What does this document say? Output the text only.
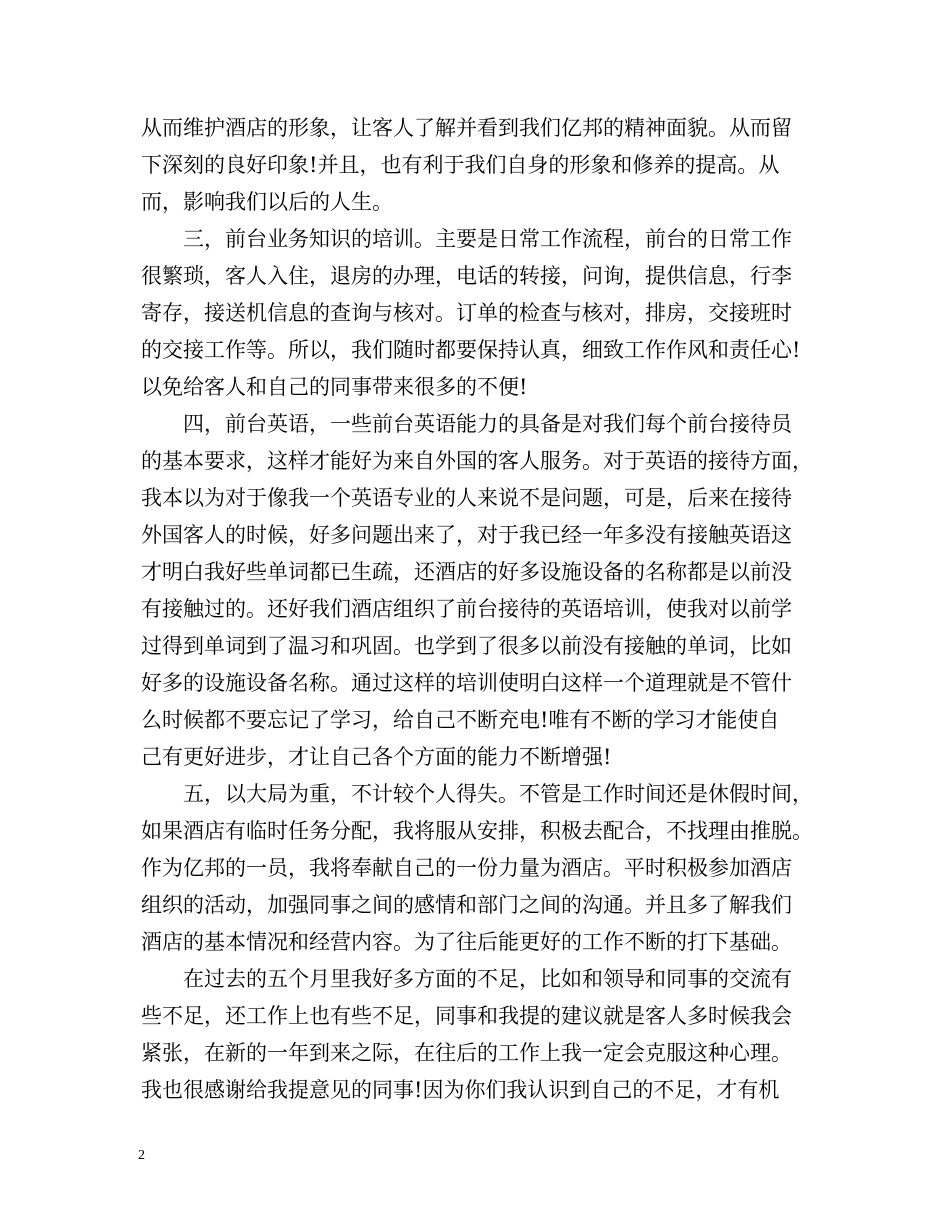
从而维护酒店的形象，让客人了解并看到我们亿邦的精神面貌。从而留
下深刻的良好印象!并且，也有利于我们自身的形象和修养的提高。从
而，影响我们以后的人生。
三，前台业务知识的培训。主要是日常工作流程，前台的日常工作
很繁琐，客人入住，退房的办理，电话的转接，问询，提供信息，行李
寄存，接送机信息的查询与核对。订单的检查与核对，排房，交接班时
的交接工作等。所以，我们随时都要保持认真，细致工作作风和责任心!
以免给客人和自己的同事带来很多的不便!
四，前台英语，一些前台英语能力的具备是对我们每个前台接待员
的基本要求，这样才能好为来自外国的客人服务。对于英语的接待方面，
我本以为对于像我一个英语专业的人来说不是问题，可是，后来在接待
外国客人的时候，好多问题出来了，对于我已经一年多没有接触英语这
才明白我好些单词都已生疏，还酒店的好多设施设备的名称都是以前没
有接触过的。还好我们酒店组织了前台接待的英语培训，使我对以前学
过得到单词到了温习和巩固。也学到了很多以前没有接触的单词，比如
好多的设施设备名称。通过这样的培训使明白这样一个道理就是不管什
么时候都不要忘记了学习，给自己不断充电!唯有不断的学习才能使自
己有更好进步，才让自己各个方面的能力不断增强!
五，以大局为重，不计较个人得失。不管是工作时间还是休假时间，
如果酒店有临时任务分配，我将服从安排，积极去配合，不找理由推脱。
作为亿邦的一员，我将奉献自己的一份力量为酒店。平时积极参加酒店
组织的活动，加强同事之间的感情和部门之间的沟通。并且多了解我们
酒店的基本情况和经营内容。为了往后能更好的工作不断的打下基础。
在过去的五个月里我好多方面的不足，比如和领导和同事的交流有
些不足，还工作上也有些不足，同事和我提的建议就是客人多时候我会
紧张，在新的一年到来之际，在往后的工作上我一定会克服这种心理。
我也很感谢给我提意见的同事!因为你们我认识到自己的不足，才有机
2
